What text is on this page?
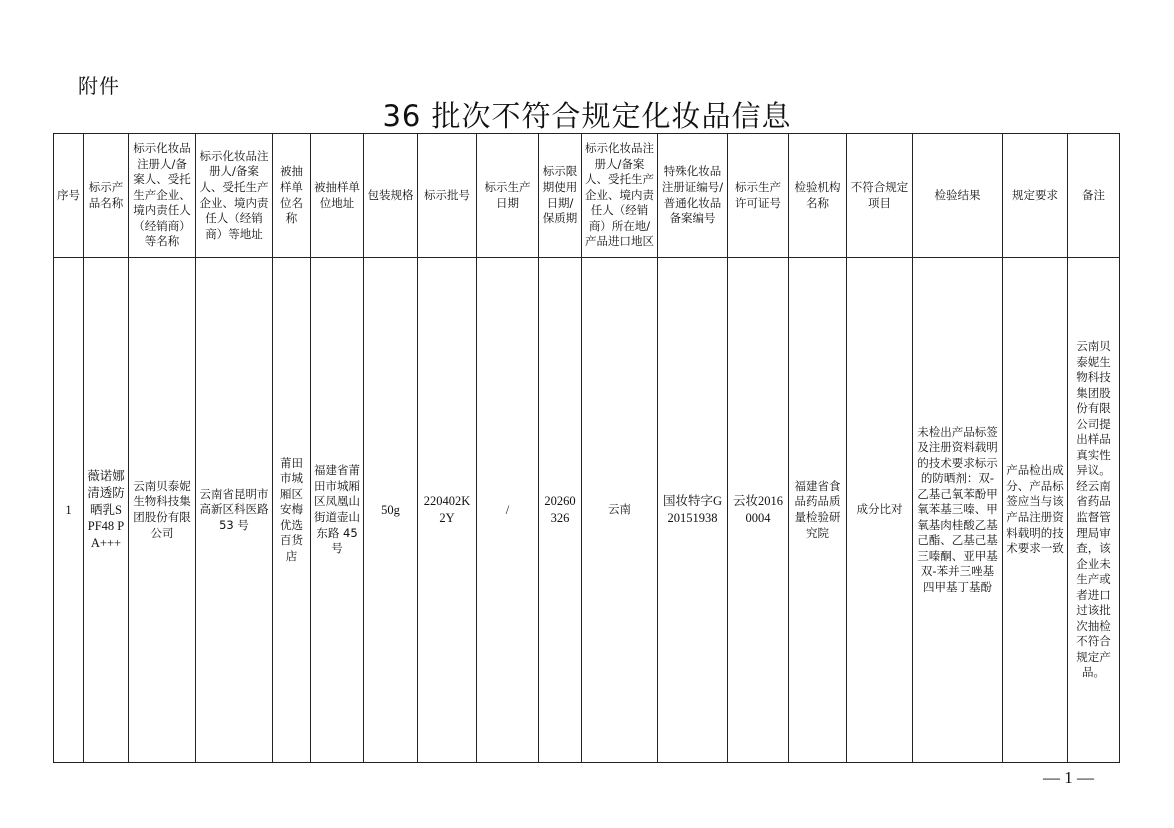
附件
36 批次不符合规定化妆品信息
序号	标示产品名称	标示化妆品注册人/备案人、受托生产企业、境内责任人（经销商）等名称	标示化妆品注册人/备案人、受托生产企业、境内责任人（经销商）等地址	被抽样单位名称	被抽样单位地址	包装规格	标示批号	标示生产日期	标示限期使用日期/保质期	标示化妆品注册人/备案人、受托生产企业、境内责任人（经销商）所在地/产品进口地区	特殊化妆品注册证编号/普通化妆品备案编号	标示生产许可证号	检验机构名称	不符合规定项目	检验结果	规定要求	备注
1	薇诺娜清透防晒乳SPF48 PA+++	云南贝泰妮生物科技集团股份有限公司	云南省昆明市高新区科医路 53 号	莆田市城厢区安梅优选百货店	福建省莆田市城厢区凤凰山街道壶山东路 45 号	50g	220402K2Y	/	20260326	云南	国妆特字G20151938	云妆20160004	福建省食品药品质量检验研究院	成分比对	未检出产品标签及注册资料载明的技术要求标示的防晒剂：双-乙基己氧苯酚甲氧苯基三嗪、甲氧基肉桂酸乙基己酯、乙基己基三嗪酮、亚甲基双-苯并三唑基四甲基丁基酚	产品检出成分、产品标签应当与该产品注册资料载明的技术要求一致	云南贝泰妮生物科技集团股份有限公司提出样品真实性异议。经云南省药品监督管理局审查，该企业未生产或者进口过该批次抽检不符合规定产品。
— 1 —
